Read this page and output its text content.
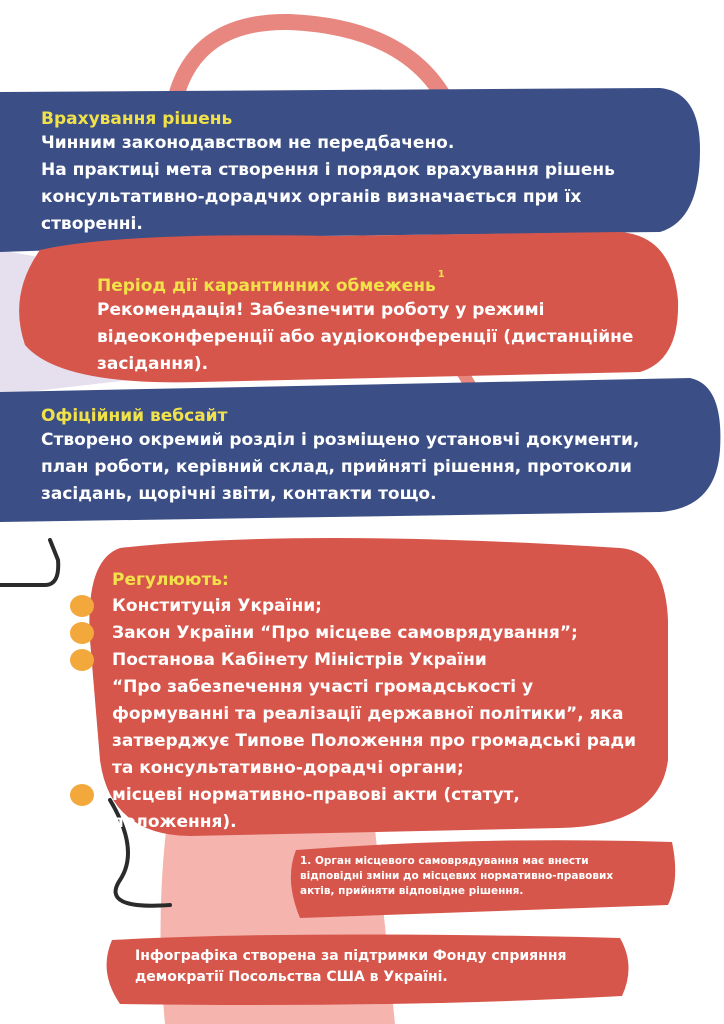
Врахування рішень
Чинним законодавством не передбачено.
На практиці мета створення і порядок врахування рішень
консультативно-дорадчих органів визначається при їх
створенні.
Період дії карантинних обмежень$^1$
Рекомендація! Забезпечити роботу у режимі
відеоконференції або аудіоконференції (дистанційне
засідання).
Офіційний вебсайт
Створено окремий розділ і розміщено установчі документи,
план роботи, керівний склад, прийняті рішення, протоколи
засідань, щорічні звіти, контакти тощо.
Регулюють:
Конституція України;
Закон України “Про місцеве самоврядування”;
Постанова Кабінету Міністрів України
“Про забезпечення участі громадськості у
формуванні та реалізації державної політики”, яка
затверджує Типове Положення про громадські ради
та консультативно-дорадчі органи;
місцеві нормативно-правові акти (статут,
положення).
1. Орган місцевого самоврядування має внести
відповідні зміни до місцевих нормативно-правових
актів, прийняти відповідне рішення.
Інфографіка створена за підтримки Фонду сприяння
демократії Посольства США в Україні.
